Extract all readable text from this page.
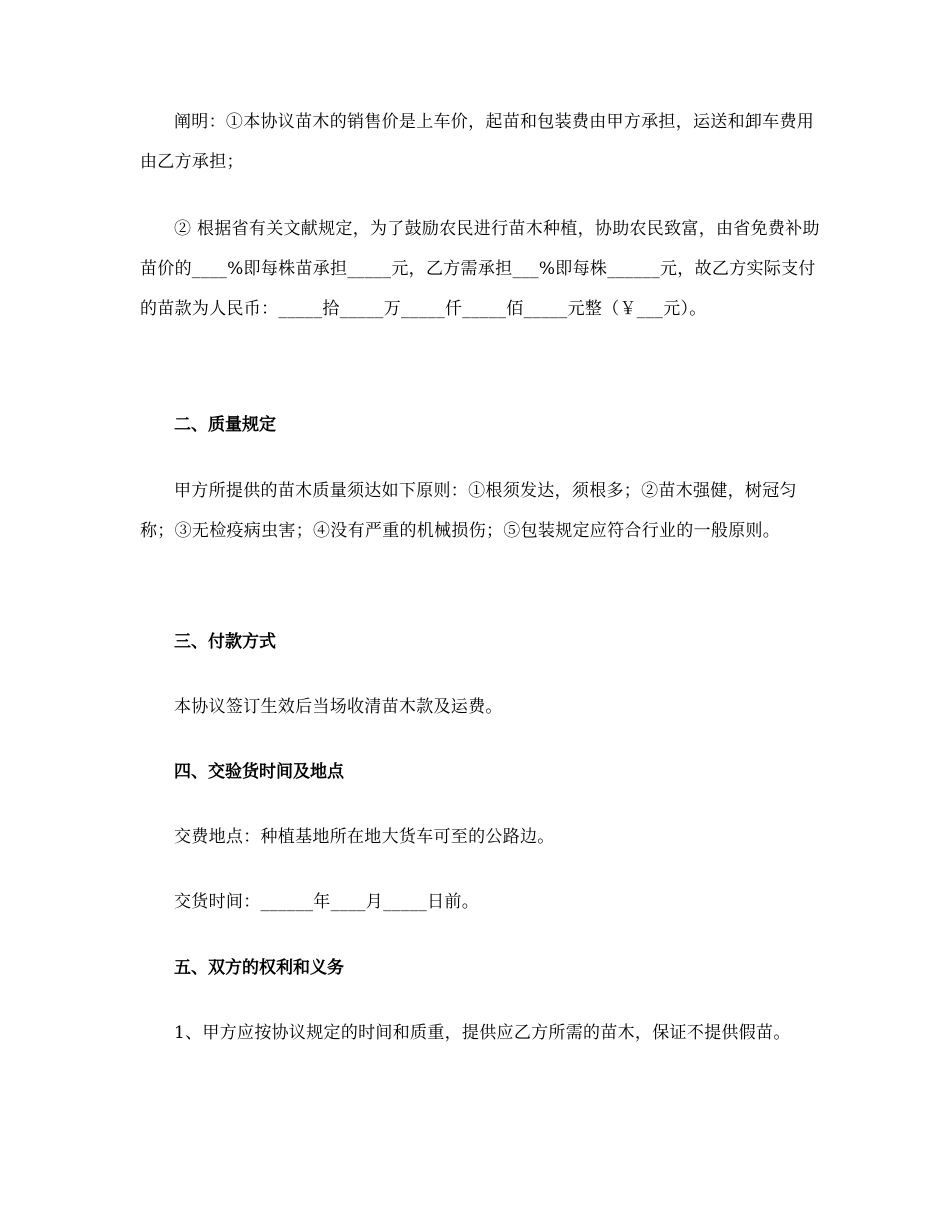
阐明：①本协议苗木的销售价是上车价，起苗和包装费由甲方承担，运送和卸车费用由乙方承担；
② 根据省有关文献规定，为了鼓励农民进行苗木种植，协助农民致富，由省免费补助苗价的____%即每株苗承担_____元，乙方需承担___%即每株______元，故乙方实际支付的苗款为人民币：_____拾_____万_____仟_____佰_____元整（￥___元）。
二、质量规定
甲方所提供的苗木质量须达如下原则：①根须发达，须根多；②苗木强健，树冠匀称；③无检疫病虫害；④没有严重的机械损伤；⑤包装规定应符合行业的一般原则。
三、付款方式
本协议签订生效后当场收清苗木款及运费。
四、交验货时间及地点
交费地点：种植基地所在地大货车可至的公路边。
交货时间：______年____月_____日前。
五、双方的权利和义务
1、甲方应按协议规定的时间和质重，提供应乙方所需的苗木，保证不提供假苗。
